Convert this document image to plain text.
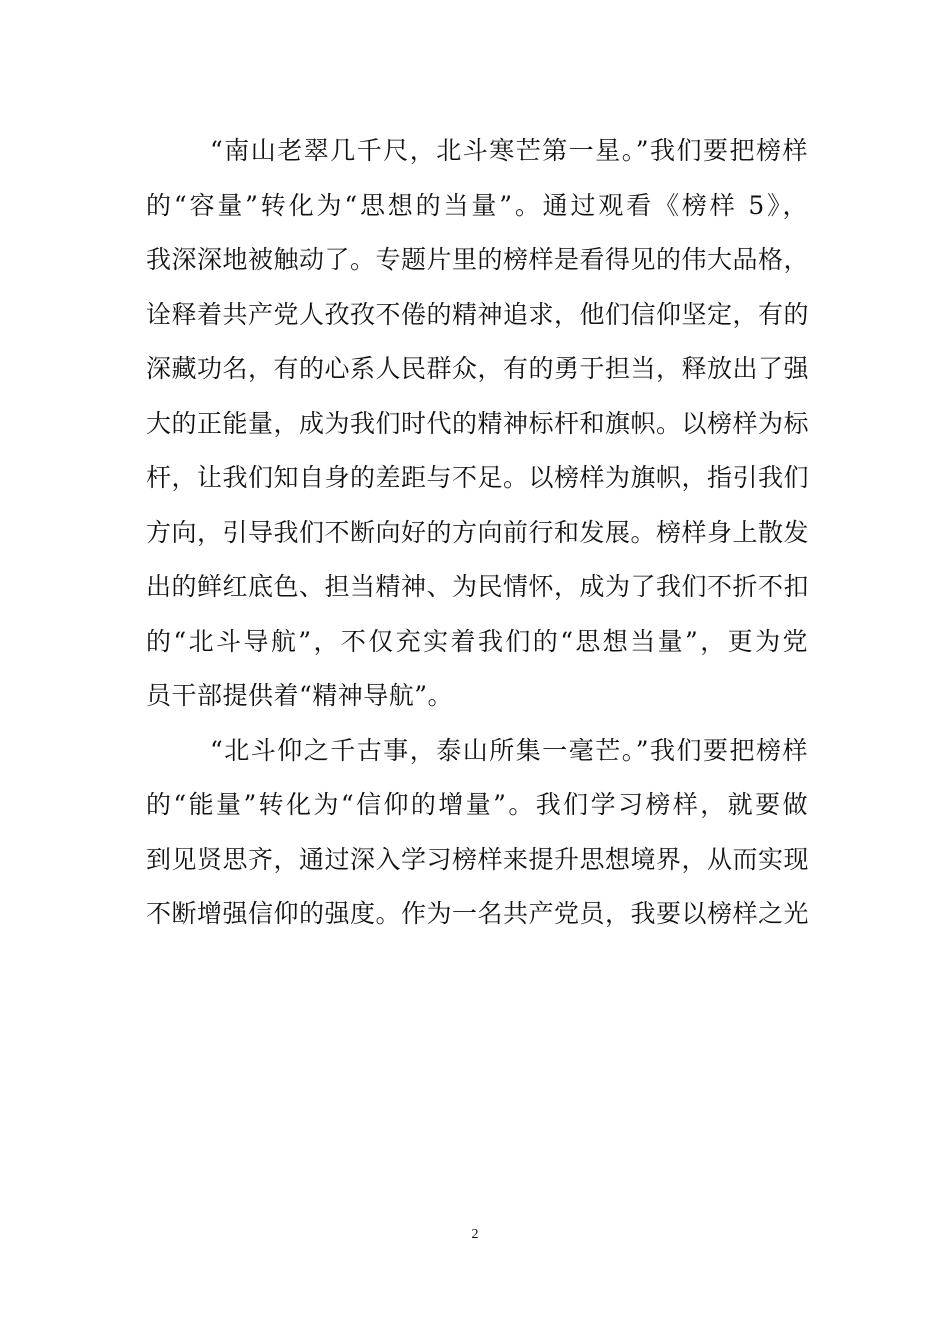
“南山老翠几千尺，北斗寒芒第一星。”我们要把榜样
的“容量”转化为“思想的当量”。通过观看《榜样 5》，
我深深地被触动了。专题片里的榜样是看得见的伟大品格，
诠释着共产党人孜孜不倦的精神追求，他们信仰坚定，有的
深藏功名，有的心系人民群众，有的勇于担当，释放出了强
大的正能量，成为我们时代的精神标杆和旗帜。以榜样为标
杆，让我们知自身的差距与不足。以榜样为旗帜，指引我们
方向，引导我们不断向好的方向前行和发展。榜样身上散发
出的鲜红底色、担当精神、为民情怀，成为了我们不折不扣
的“北斗导航”，不仅充实着我们的“思想当量”，更为党
员干部提供着“精神导航”。
“北斗仰之千古事，泰山所集一毫芒。”我们要把榜样
的“能量”转化为“信仰的增量”。我们学习榜样，就要做
到见贤思齐，通过深入学习榜样来提升思想境界，从而实现
不断增强信仰的强度。作为一名共产党员，我要以榜样之光
2
